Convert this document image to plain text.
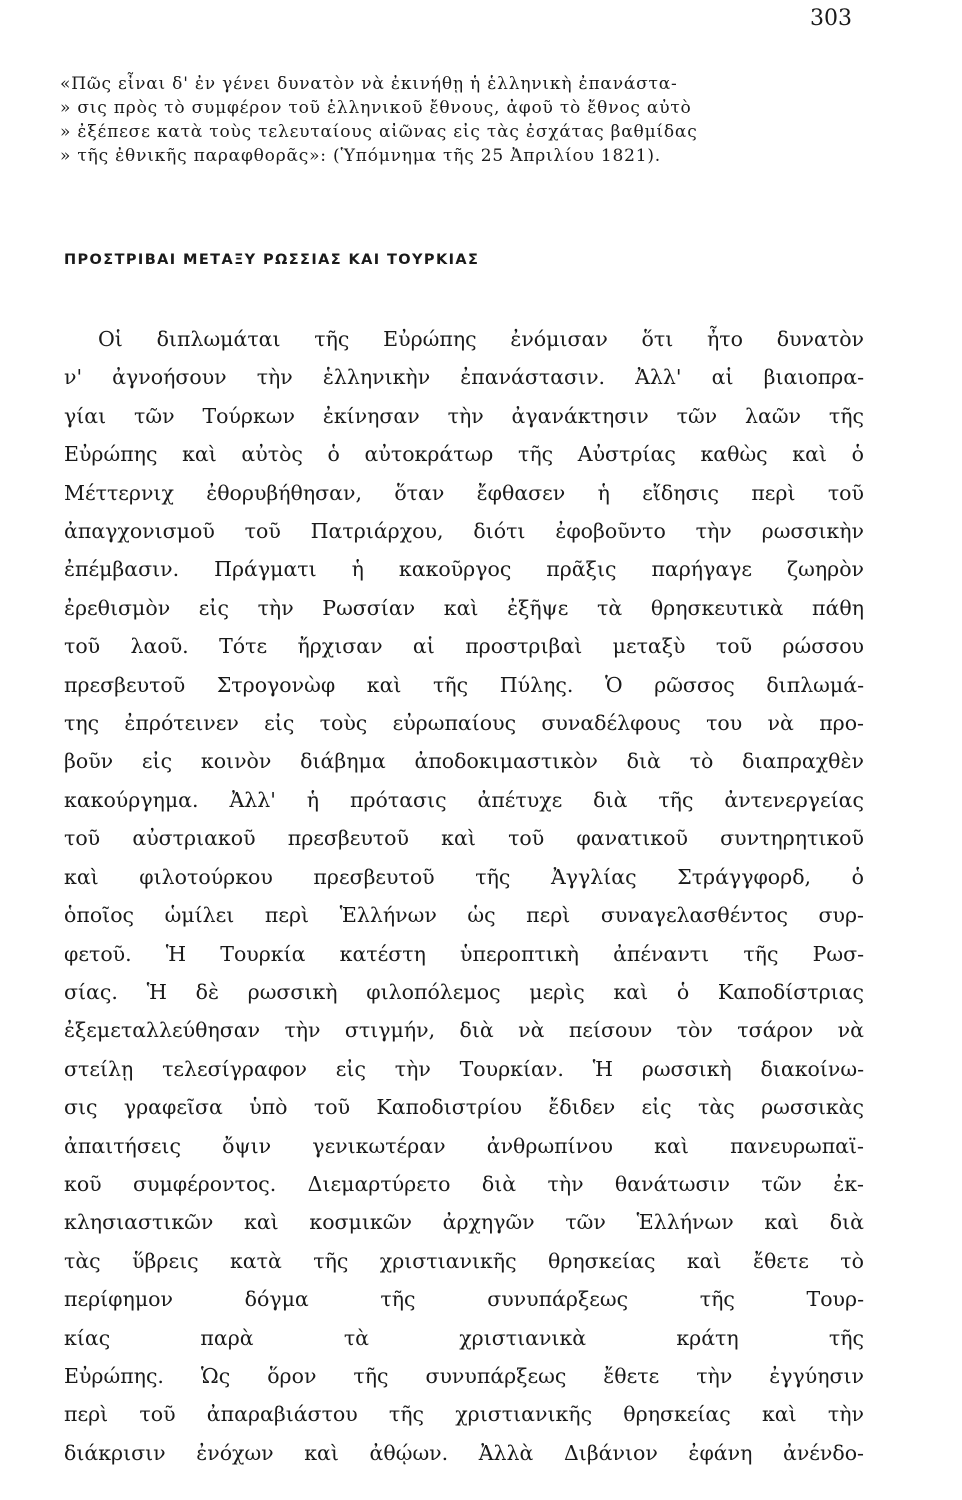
303
«Πῶς εἶναι δ' ἐν γένει δυνατὸν νὰ ἐκινήθῃ ἡ ἑλληνικὴ ἐπανάστα-
» σις πρὸς τὸ συμφέρον τοῦ ἑλληνικοῦ ἔθνους, ἀφοῦ τὸ ἔθνος αὐτὸ
» ἐξέπεσε κατὰ τοὺς τελευταίους αἰῶνας εἰς τὰς ἐσχάτας βαθμίδας
» τῆς ἐθνικῆς παραφθορᾶς»: (Ὑπόμνημα τῆς 25 Ἀπριλίου 1821).
ΠΡΟΣΤΡΙΒΑΙ ΜΕΤΑΞΥ ΡΩΣΣΙΑΣ ΚΑΙ ΤΟΥΡΚΙΑΣ
Οἱ διπλωμάται τῆς Εὐρώπης ἐνόμισαν ὅτι ἦτο δυνατὸν
ν' ἀγνοήσουν τὴν ἑλληνικὴν ἐπανάστασιν. Ἀλλ' αἱ βιαιοπρα-
γίαι τῶν Τούρκων ἐκίνησαν τὴν ἀγανάκτησιν τῶν λαῶν τῆς
Εὐρώπης καὶ αὐτὸς ὁ αὐτοκράτωρ τῆς Αὐστρίας καθὼς καὶ ὁ
Μέττερνιχ ἐθορυβήθησαν, ὅταν ἔφθασεν ἡ εἴδησις περὶ τοῦ
ἀπαγχονισμοῦ τοῦ Πατριάρχου, διότι ἐφοβοῦντο τὴν ρωσσικὴν
ἐπέμβασιν. Πράγματι ἡ κακοῦργος πρᾶξις παρήγαγε ζωηρὸν
ἐρεθισμὸν εἰς τὴν Ρωσσίαν καὶ ἐξῆψε τὰ θρησκευτικὰ πάθη
τοῦ λαοῦ. Τότε ἤρχισαν αἱ προστριβαὶ μεταξὺ τοῦ ρώσσου
πρεσβευτοῦ Στρογονὼφ καὶ τῆς Πύλης. Ὁ ρῶσσος διπλωμά-
της ἐπρότεινεν εἰς τοὺς εὐρωπαίους συναδέλφους του νὰ προ-
βοῦν εἰς κοινὸν διάβημα ἀποδοκιμαστικὸν διὰ τὸ διαπραχθὲν
κακούργημα. Ἀλλ' ἡ πρότασις ἀπέτυχε διὰ τῆς ἀντενεργείας
τοῦ αὐστριακοῦ πρεσβευτοῦ καὶ τοῦ φανατικοῦ συντηρητικοῦ
καὶ φιλοτούρκου πρεσβευτοῦ τῆς Ἀγγλίας Στράγγφορδ, ὁ
ὁποῖος ὡμίλει περὶ Ἑλλήνων ὡς περὶ συναγελασθέντος συρ-
φετοῦ. Ἡ Τουρκία κατέστη ὑπεροπτικὴ ἀπέναντι τῆς Ρωσ-
σίας. Ἡ δὲ ρωσσικὴ φιλοπόλεμος μερὶς καὶ ὁ Καποδίστριας
ἐξεμεταλλεύθησαν τὴν στιγμήν, διὰ νὰ πείσουν τὸν τσάρον νὰ
στείλῃ τελεσίγραφον εἰς τὴν Τουρκίαν. Ἡ ρωσσικὴ διακοίνω-
σις γραφεῖσα ὑπὸ τοῦ Καποδιστρίου ἔδιδεν εἰς τὰς ρωσσικὰς
ἀπαιτήσεις ὄψιν γενικωτέραν ἀνθρωπίνου καὶ πανευρωπαϊ-
κοῦ συμφέροντος. Διεμαρτύρετο διὰ τὴν θανάτωσιν τῶν ἐκ-
κλησιαστικῶν καὶ κοσμικῶν ἀρχηγῶν τῶν Ἑλλήνων καὶ διὰ
τὰς ὕβρεις κατὰ τῆς χριστιανικῆς θρησκείας καὶ ἔθετε τὸ
περίφημον δόγμα τῆς συνυπάρξεως τῆς Τουρ-
κίας παρὰ τὰ χριστιανικὰ κράτη τῆς
Εὐρώπης. Ὡς ὅρον τῆς συνυπάρξεως ἔθετε τὴν ἐγγύησιν
περὶ τοῦ ἀπαραβιάστου τῆς χριστιανικῆς θρησκείας καὶ τὴν
διάκρισιν ἐνόχων καὶ ἀθῴων. Ἀλλὰ Διβάνιον ἐφάνη ἀνένδο-
